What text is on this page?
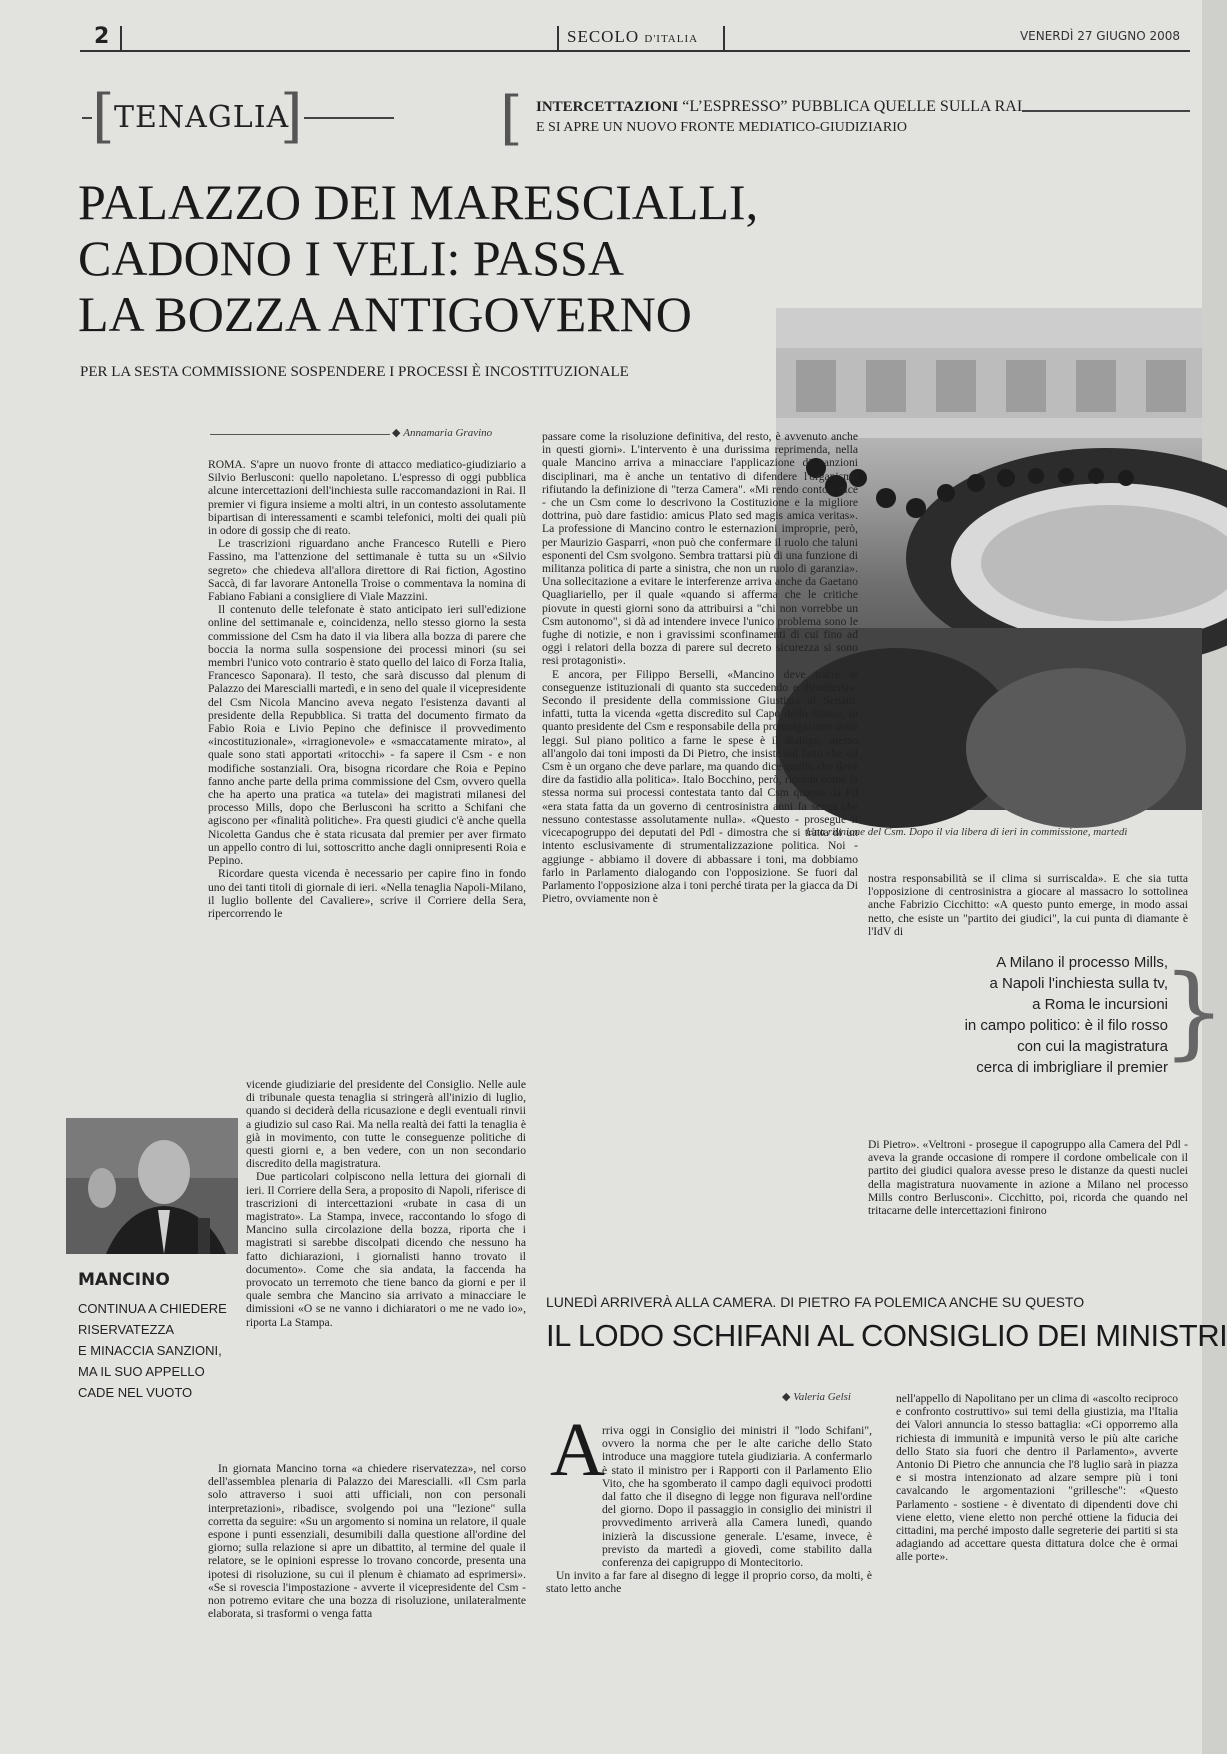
2	SECOLO D'ITALIA	VENERDÌ 27 GIUGNO 2008
[ TENAGLIA
]	[ INTERCETTAZIONI “L’ESPRESSO” PUBBLICA QUELLE SULLA RAI
E SI APRE UN NUOVO FRONTE MEDIATICO-GIUDIZIARIO
PALAZZO DEI MARESCIALLI,
CADONO I VELI: PASSA
LA BOZZA ANTIGOVERNO
PER LA SESTA COMMISSIONE SOSPENDERE I PROCESSI È INCOSTITUZIONALE
Una riunione del Csm. Dopo il via libera di ieri in commissione, martedì
◆ Annamaria Gravino

ROMA. S'apre un nuovo fronte di attacco mediatico-giudiziario a Silvio Berlusconi: quello napoletano. L'espresso di oggi pubblica alcune intercettazioni dell'inchiesta sulle raccomandazioni in Rai. Il premier vi figura insieme a molti altri, in un contesto assolutamente bipartisan di interessamenti e scambi telefonici, molti dei quali più in odore di gossip che di reato.

Le trascrizioni riguardano anche Francesco Rutelli e Piero Fassino, ma l'attenzione del settimanale è tutta su un «Silvio segreto» che chiedeva all'allora direttore di Rai fiction, Agostino Saccà, di far lavorare Antonella Troise o commentava la nomina di Fabiano Fabiani a consigliere di Viale Mazzini.

Il contenuto delle telefonate è stato anticipato ieri sull'edizione online del settimanale e, coincidenza, nello stesso giorno la sesta commissione del Csm ha dato il via libera alla bozza di parere che boccia la norma sulla sospensione dei processi minori (su sei membri l'unico voto contrario è stato quello del laico di Forza Italia, Francesco Saponara). Il testo, che sarà discusso dal plenum di Palazzo dei Marescialli martedì, e in seno del quale il vicepresidente del Csm Nicola Mancino aveva negato l'esistenza davanti al presidente della Repubblica. Si tratta del documento firmato da Fabio Roia e Livio Pepino che definisce il provvedimento «incostituzionale», «irragionevole» e «smaccatamente mirato», al quale sono stati apportati «ritocchi» - fa sapere il Csm - e non modifiche sostanziali. Ora, bisogna ricordare che Roia e Pepino fanno anche parte della prima commissione del Csm, ovvero quella che ha aperto una pratica «a tutela» dei magistrati milanesi del processo Mills, dopo che Berlusconi ha scritto a Schifani che agiscono per «finalità politiche». Fra questi giudici c'è anche quella Nicoletta Gandus che è stata ricusata dal premier per aver firmato un appello contro di lui, sottoscritto anche dagli onnipresenti Roia e Pepino.

Ricordare questa vicenda è necessario per capire fino in fondo uno dei tanti titoli di giornale di ieri. «Nella tenaglia Napoli-Milano, il luglio bollente del Cavaliere», scrive il Corriere della Sera, ripercorrendo le

vicende giudiziarie del presidente del Consiglio. Nelle aule di tribunale questa tenaglia si stringerà all'inizio di luglio, quando si deciderà della ricusazione e degli eventuali rinvii a giudizio sul caso Rai. Ma nella realtà dei fatti la tenaglia è già in movimento, con tutte le conseguenze politiche di questi giorni e, a ben vedere, con un non secondario discredito della magistratura.

Due particolari colpiscono nella lettura dei giornali di ieri. Il Corriere della Sera, a proposito di Napoli, riferisce di trascrizioni di intercettazioni «rubate in casa di un magistrato». La Stampa, invece, raccontando lo sfogo di Mancino sulla circolazione della bozza, riporta che i magistrati si sarebbe discolpati dicendo che nessuno ha fatto dichiarazioni, i giornalisti hanno trovato il documento». Come che sia andata, la faccenda ha provocato un terremoto che tiene banco da giorni e per il quale sembra che Mancino sia arrivato a minacciare le dimissioni «O se ne vanno i dichiaratori o me ne vado io», riporta La Stampa.

In giornata Mancino torna «a chiedere riservatezza», nel corso dell'assemblea plenaria di Palazzo dei Marescialli. «Il Csm parla solo attraverso i suoi atti ufficiali, non con personali interpretazioni», ribadisce, svolgendo poi una "lezione" sulla corretta da seguire: «Su un argomento si nomina un relatore, il quale espone i punti essenziali, desumibili dalla questione all'ordine del giorno; sulla relazione si apre un dibattito, al termine del quale il relatore, se le opinioni espresse lo trovano concorde, presenta una ipotesi di risoluzione, su cui il plenum è chiamato ad esprimersi». «Se si rovescia l'impostazione - avverte il vicepresidente del Csm - non potremo evitare che una bozza di risoluzione, unilateralmente elaborata, si trasformi o venga fatta

passare come la risoluzione definitiva, del resto, è avvenuto anche in questi giorni». L'intervento è una durissima reprimenda, nella quale Mancino arriva a minacciare l'applicazione di sanzioni disciplinari, ma è anche un tentativo di difendere l'organismo rifiutando la definizione di "terza Camera". «Mi rendo conto - dice - che un Csm come lo descrivono la Costituzione e la migliore dottrina, può dare fastidio: amicus Plato sed magis amica veritas». La professione di Mancino contro le esternazioni improprie, però, per Maurizio Gasparri, «non può che confermare il ruolo che taluni esponenti del Csm svolgono. Sembra trattarsi più di una funzione di militanza politica di parte a sinistra, che non un ruolo di garanzia». Una sollecitazione a evitare le interferenze arriva anche da Gaetano Quagliariello, per il quale «quando si afferma che le critiche piovute in questi giorni sono da attribuirsi a "chi non vorrebbe un Csm autonomo", si dà ad intendere invece l'unico problema sono le fughe di notizie, e non i gravissimi sconfinamenti di cui fino ad oggi i relatori della bozza di parere sul decreto sicurezza si sono resi protagonisti».

E ancora, per Filippo Berselli, «Mancino deve trarre le conseguenze istituzionali di quanto sta succedendo e dimettersi». Secondo il presidente della commissione Giustizia al Senato, infatti, tutta la vicenda «getta discredito sul Capo dello Stato», in quanto presidente del Csm e responsabile della promulgazione delle leggi. Sul piano politico a farne le spese è il dialogo, messo all'angolo dai toni imposti da Di Pietro, che insiste sul fatto che «il Csm è un organo che deve parlare, ma quando dice quello che deve dire da fastidio alla politica». Italo Bocchino, però, ricorda come la stessa norma sui processi contestata tanto dal Csm quanto da Pd «era stata fatta da un governo di centrosinistra anni fa senza che nessuno contestasse assolutamente nulla». «Questo - prosegue il vicecapogruppo dei deputati del Pdl - dimostra che si tratta di un intento esclusivamente di strumentalizzazione politica. Noi - aggiunge - abbiamo il dovere di abbassare i toni, ma dobbiamo farlo in Parlamento dialogando con l'opposizione. Se fuori dal Parlamento l'opposizione alza i toni perché tirata per la giacca da Di Pietro, ovviamente non è

nostra responsabilità se il clima si surriscalda». E che sia tutta l'opposizione di centrosinistra a giocare al massacro lo sottolinea anche Fabrizio Cicchitto: «A questo punto emerge, in modo assai netto, che esiste un "partito dei giudici", la cui punta di diamante è l'IdV di
A Milano il processo Mills,
a Napoli l'inchiesta sulla tv,
a Roma le incursioni
in campo politico: è il filo rosso
con cui la magistratura
cerca di imbrigliare il premier
}
Di Pietro». «Veltroni - prosegue il capogruppo alla Camera del Pdl - aveva la grande occasione di rompere il cordone ombelicale con il partito dei giudici qualora avesse preso le distanze da questi nuclei della magistratura nuovamente in azione a Milano nel processo Mills contro Berlusconi». Cicchitto, poi, ricorda che quando nel tritacarne delle intercettazioni finirono
MANCINO
CONTINUA A CHIEDERE
RISERVATEZZA
E MINACCIA SANZIONI,
MA IL SUO APPELLO
CADE NEL VUOTO
LUNEDÌ ARRIVERÀ ALLA CAMERA. DI PIETRO FA POLEMICA ANCHE SU QUESTO
IL LODO SCHIFANI AL CONSIGLIO DEI MINISTRI
◆ Valeria Gelsi
A

rriva oggi in Consiglio dei ministri il "lodo Schifani", ovvero la norma che per le alte cariche dello Stato introduce una maggiore tutela giudiziaria. A confermarlo è stato il ministro per i Rapporti con il Parlamento Elio Vito, che ha sgomberato il campo dagli equivoci prodotti dal fatto che il disegno di legge non figurava nell'ordine del giorno. Dopo il passaggio in consiglio dei ministri il provvedimento arriverà alla Camera lunedì, quando inizierà la discussione generale. L'esame, invece, è previsto da martedì a giovedì, come stabilito dalla conferenza dei capigruppo di Montecitorio.

Un invito a far fare al disegno di legge il proprio corso, da molti, è stato letto anche

nell'appello di Napolitano per un clima di «ascolto reciproco e confronto costruttivo» sui temi della giustizia, ma l'Italia dei Valori annuncia lo stesso battaglia: «Ci opporremo alla richiesta di immunità e impunità verso le più alte cariche dello Stato sia fuori che dentro il Parlamento», avverte Antonio Di Pietro che annuncia che l'8 luglio sarà in piazza e si mostra intenzionato ad alzare sempre più i toni cavalcando le argomentazioni "grillesche": «Questo Parlamento - sostiene - è diventato di dipendenti dove chi viene eletto, viene eletto non perché ottiene la fiducia dei cittadini, ma perché imposto dalle segreterie dei partiti si sta adagiando ad accettare questa dittatura dolce che è ormai alle porte».
